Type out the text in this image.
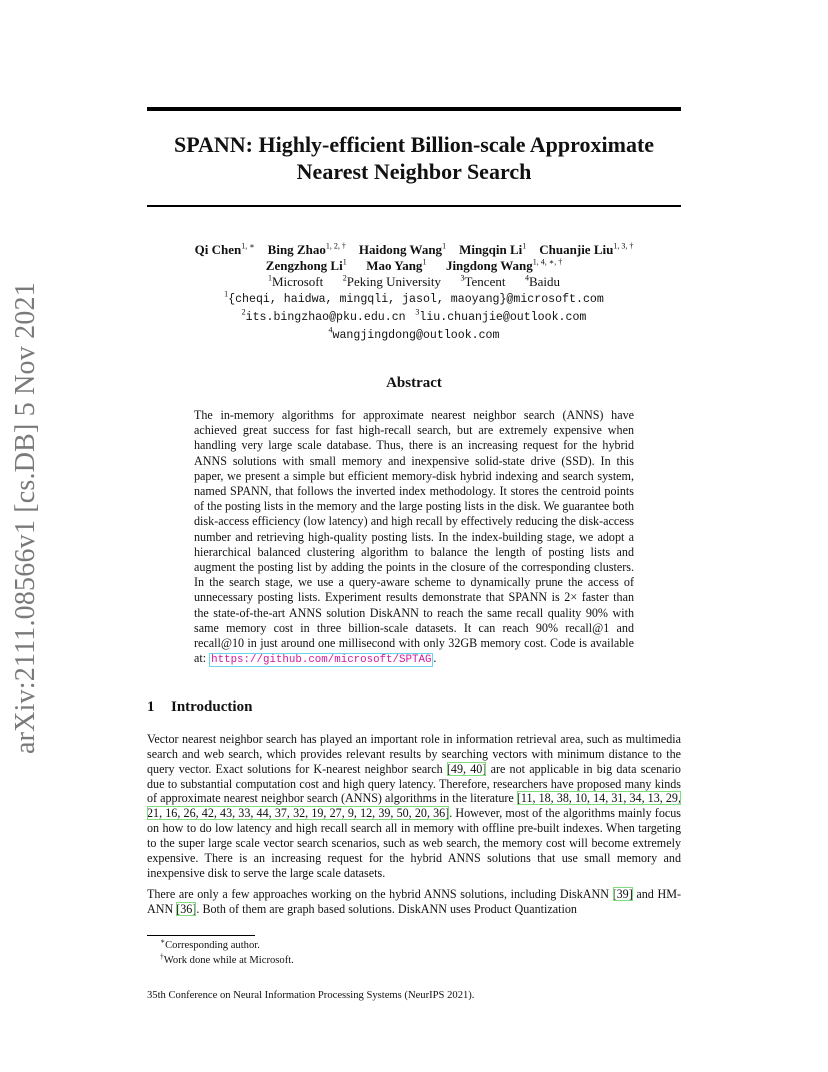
arXiv:2111.08566v1 [cs.DB] 5 Nov 2021
SPANN: Highly-efficient Billion-scale Approximate
Nearest Neighbor Search
Qi Chen$^{1, ∗}$ Bing Zhao$^{1, 2, \dagger}$ Haidong Wang$^1$ Mingqin Li$^1$ Chuanjie Liu$^{1, 3, \dagger}$
Zengzhong Li$^1$ Mao Yang$^1$ Jingdong Wang$^{1, 4, ∗, \dagger}$
$^1$Microsoft $^2$Peking University $^3$Tencent $^4$Baidu
$^1${cheqi, haidwa, mingqli, jasol, maoyang}@microsoft.com
$^2$its.bingzhao@pku.edu.cn $^3$liu.chuanjie@outlook.com
$^4$wangjingdong@outlook.com
Abstract
The in-memory algorithms for approximate nearest neighbor search (ANNS) have achieved great success for fast high-recall search, but are extremely expensive when handling very large scale database. Thus, there is an increasing request for the hybrid ANNS solutions with small memory and inexpensive solid-state drive (SSD). In this paper, we present a simple but efficient memory-disk hybrid indexing and search system, named SPANN, that follows the inverted index methodology. It stores the centroid points of the posting lists in the memory and the large posting lists in the disk. We guarantee both disk-access efficiency (low latency) and high recall by effectively reducing the disk-access number and retrieving high-quality posting lists. In the index-building stage, we adopt a hierarchical balanced clustering algorithm to balance the length of posting lists and augment the posting list by adding the points in the closure of the corresponding clusters. In the search stage, we use a query-aware scheme to dynamically prune the access of unnecessary posting lists. Experiment results demonstrate that SPANN is 2× faster than the state-of-the-art ANNS solution DiskANN to reach the same recall quality 90% with same memory cost in three billion-scale datasets. It can reach 90% recall@1 and recall@10 in just around one millisecond with only 32GB memory cost. Code is available at: https://github.com/microsoft/SPTAG .
1 Introduction

Vector nearest neighbor search has played an important role in information retrieval area, such as multimedia search and web search, which provides relevant results by searching vectors with minimum distance to the query vector. Exact solutions for K-nearest neighbor search [49, 40] are not applicable in big data scenario due to substantial computation cost and high query latency. Therefore, researchers have proposed many kinds of approximate nearest neighbor search (ANNS) algorithms in the literature [11, 18, 38, 10, 14, 31, 34, 13, 29, 21, 16, 26, 42, 43, 33, 44, 37, 32, 19, 27, 9, 12, 39, 50, 20, 36]. However, most of the algorithms mainly focus on how to do low latency and high recall search all in memory with offline pre-built indexes. When targeting to the super large scale vector search scenarios, such as web search, the memory cost will become extremely expensive. There is an increasing request for the hybrid ANNS solutions that use small memory and inexpensive disk to serve the large scale datasets.

There are only a few approaches working on the hybrid ANNS solutions, including DiskANN [39] and HM-ANN [36]. Both of them are graph based solutions. DiskANN uses Product Quantization

∗Corresponding author.
†Work done while at Microsoft.
35th Conference on Neural Information Processing Systems (NeurIPS 2021).
